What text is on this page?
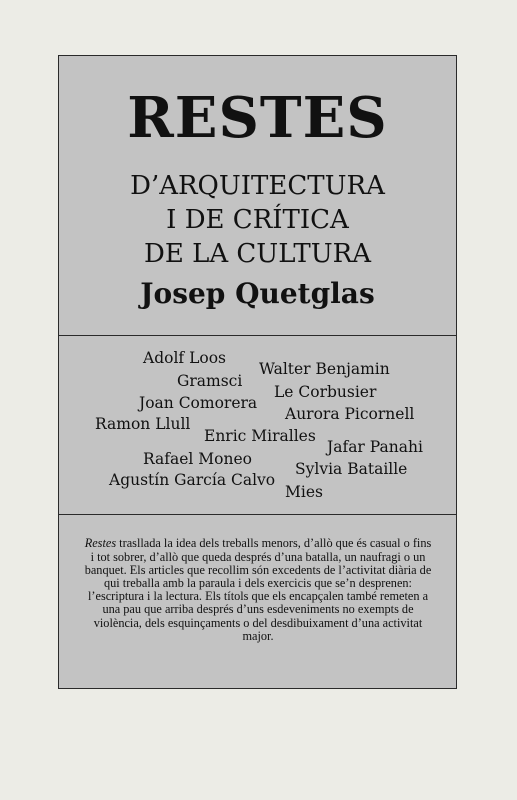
RESTES
D’ARQUITECTURA
I DE CRÍTICA
DE LA CULTURA
Josep Quetglas
Adolf Loos
Walter Benjamin
Gramsci
Le Corbusier
Joan Comorera
Aurora Picornell
Ramon Llull
Enric Miralles
Jafar Panahi
Rafael Moneo
Sylvia Bataille
Agustín García Calvo
Mies

Restes trasllada la idea dels treballs menors, d’allò que és casual o fins i tot sobrer, d’allò que queda després d’una batalla, un naufragi o un banquet. Els articles que recollim són excedents de l’activitat diària de qui treballa amb la paraula i dels exercicis que se’n desprenen: l’escriptura i la lectura. Els títols que els encapçalen també remeten a una pau que arriba després d’uns esdeveniments no exempts de violència, dels esquinçaments o del desdibuixament d’una activitat major.
